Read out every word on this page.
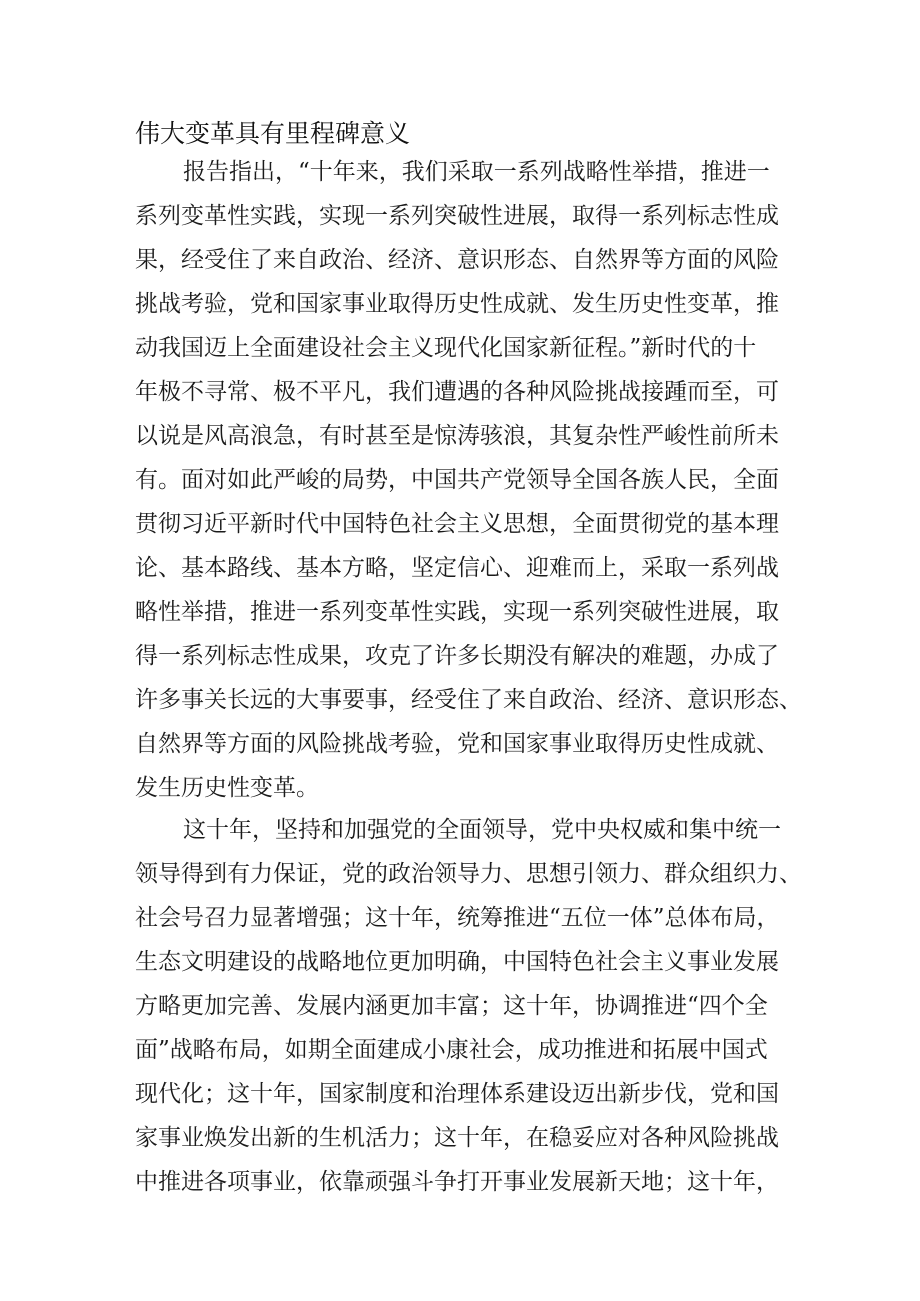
伟大变革具有里程碑意义
报告指出，“十年来，我们采取一系列战略性举措，推进一
系列变革性实践，实现一系列突破性进展，取得一系列标志性成
果，经受住了来自政治、经济、意识形态、自然界等方面的风险
挑战考验，党和国家事业取得历史性成就、发生历史性变革，推
动我国迈上全面建设社会主义现代化国家新征程。”新时代的十
年极不寻常、极不平凡，我们遭遇的各种风险挑战接踵而至，可
以说是风高浪急，有时甚至是惊涛骇浪，其复杂性严峻性前所未
有。面对如此严峻的局势，中国共产党领导全国各族人民，全面
贯彻习近平新时代中国特色社会主义思想，全面贯彻党的基本理
论、基本路线、基本方略，坚定信心、迎难而上，采取一系列战
略性举措，推进一系列变革性实践，实现一系列突破性进展，取
得一系列标志性成果，攻克了许多长期没有解决的难题，办成了
许多事关长远的大事要事，经受住了来自政治、经济、意识形态、
自然界等方面的风险挑战考验，党和国家事业取得历史性成就、
发生历史性变革。
这十年，坚持和加强党的全面领导，党中央权威和集中统一
领导得到有力保证，党的政治领导力、思想引领力、群众组织力、
社会号召力显著增强；这十年，统筹推进“五位一体”总体布局，
生态文明建设的战略地位更加明确，中国特色社会主义事业发展
方略更加完善、发展内涵更加丰富；这十年，协调推进“四个全
面”战略布局，如期全面建成小康社会，成功推进和拓展中国式
现代化；这十年，国家制度和治理体系建设迈出新步伐，党和国
家事业焕发出新的生机活力；这十年，在稳妥应对各种风险挑战
中推进各项事业，依靠顽强斗争打开事业发展新天地；这十年，
